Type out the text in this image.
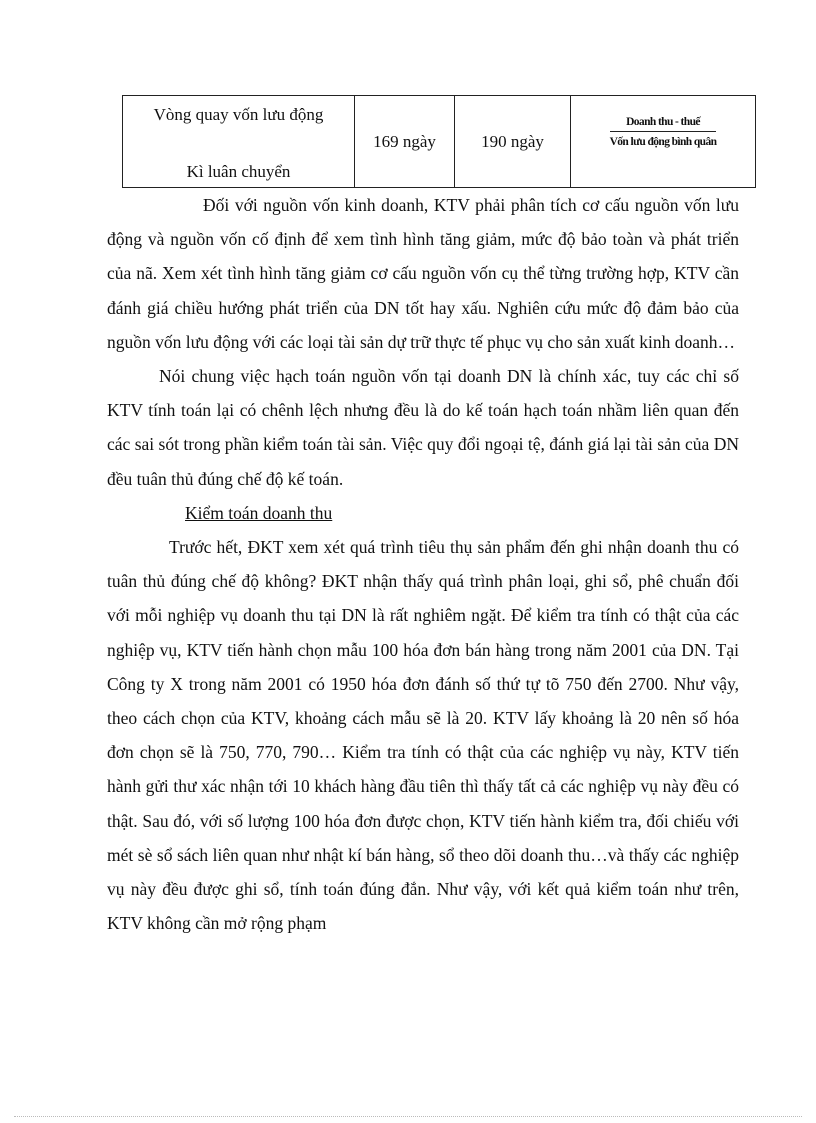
Vòng quay vốn lưu động
Kì luân chuyển
	169 ngày	190 ngày	$\frac{\text{Doanh thu - thuế}}{\text{Vốn lưu động bình quân}}$

Đối với nguồn vốn kinh doanh, KTV phải phân tích cơ cấu nguồn vốn lưu động và nguồn vốn cố định để xem tình hình tăng giảm, mức độ bảo toàn và phát triển của nã. Xem xét tình hình tăng giảm cơ cấu nguồn vốn cụ thể từng trường hợp, KTV cần đánh giá chiều hướng phát triển của DN tốt hay xấu. Nghiên cứu mức độ đảm bảo của nguồn vốn lưu động với các loại tài sản dự trữ thực tế phục vụ cho sản xuất kinh doanh…

Nói chung việc hạch toán nguồn vốn tại doanh DN là chính xác, tuy các chỉ số KTV tính toán lại có chênh lệch nhưng đều là do kế toán hạch toán nhầm liên quan đến các sai sót trong phần kiểm toán tài sản. Việc quy đổi ngoại tệ, đánh giá lại tài sản của DN đều tuân thủ đúng chế độ kế toán.

Kiểm toán doanh thu

Trước hết, ĐKT xem xét quá trình tiêu thụ sản phẩm đến ghi nhận doanh thu có tuân thủ đúng chế độ không? ĐKT nhận thấy quá trình phân loại, ghi sổ, phê chuẩn đối với mỗi nghiệp vụ doanh thu tại DN là rất nghiêm ngặt. Để kiểm tra tính có thật của các nghiệp vụ, KTV tiến hành chọn mẫu 100 hóa đơn bán hàng trong năm 2001 của DN. Tại Công ty X trong năm 2001 có 1950 hóa đơn đánh số thứ tự tõ 750 đến 2700. Như vậy, theo cách chọn của KTV, khoảng cách mẫu sẽ là 20. KTV lấy khoảng là 20 nên số hóa đơn chọn sẽ là 750, 770, 790… Kiểm tra tính có thật của các nghiệp vụ này, KTV tiến hành gửi thư xác nhận tới 10 khách hàng đầu tiên thì thấy tất cả các nghiệp vụ này đều có thật. Sau đó, với số lượng 100 hóa đơn được chọn, KTV tiến hành kiểm tra, đối chiếu với mét sè sổ sách liên quan như nhật kí bán hàng, sổ theo dõi doanh thu…và thấy các nghiệp vụ này đều được ghi sổ, tính toán đúng đắn. Như vậy, với kết quả kiểm toán như trên, KTV không cần mở rộng phạm
